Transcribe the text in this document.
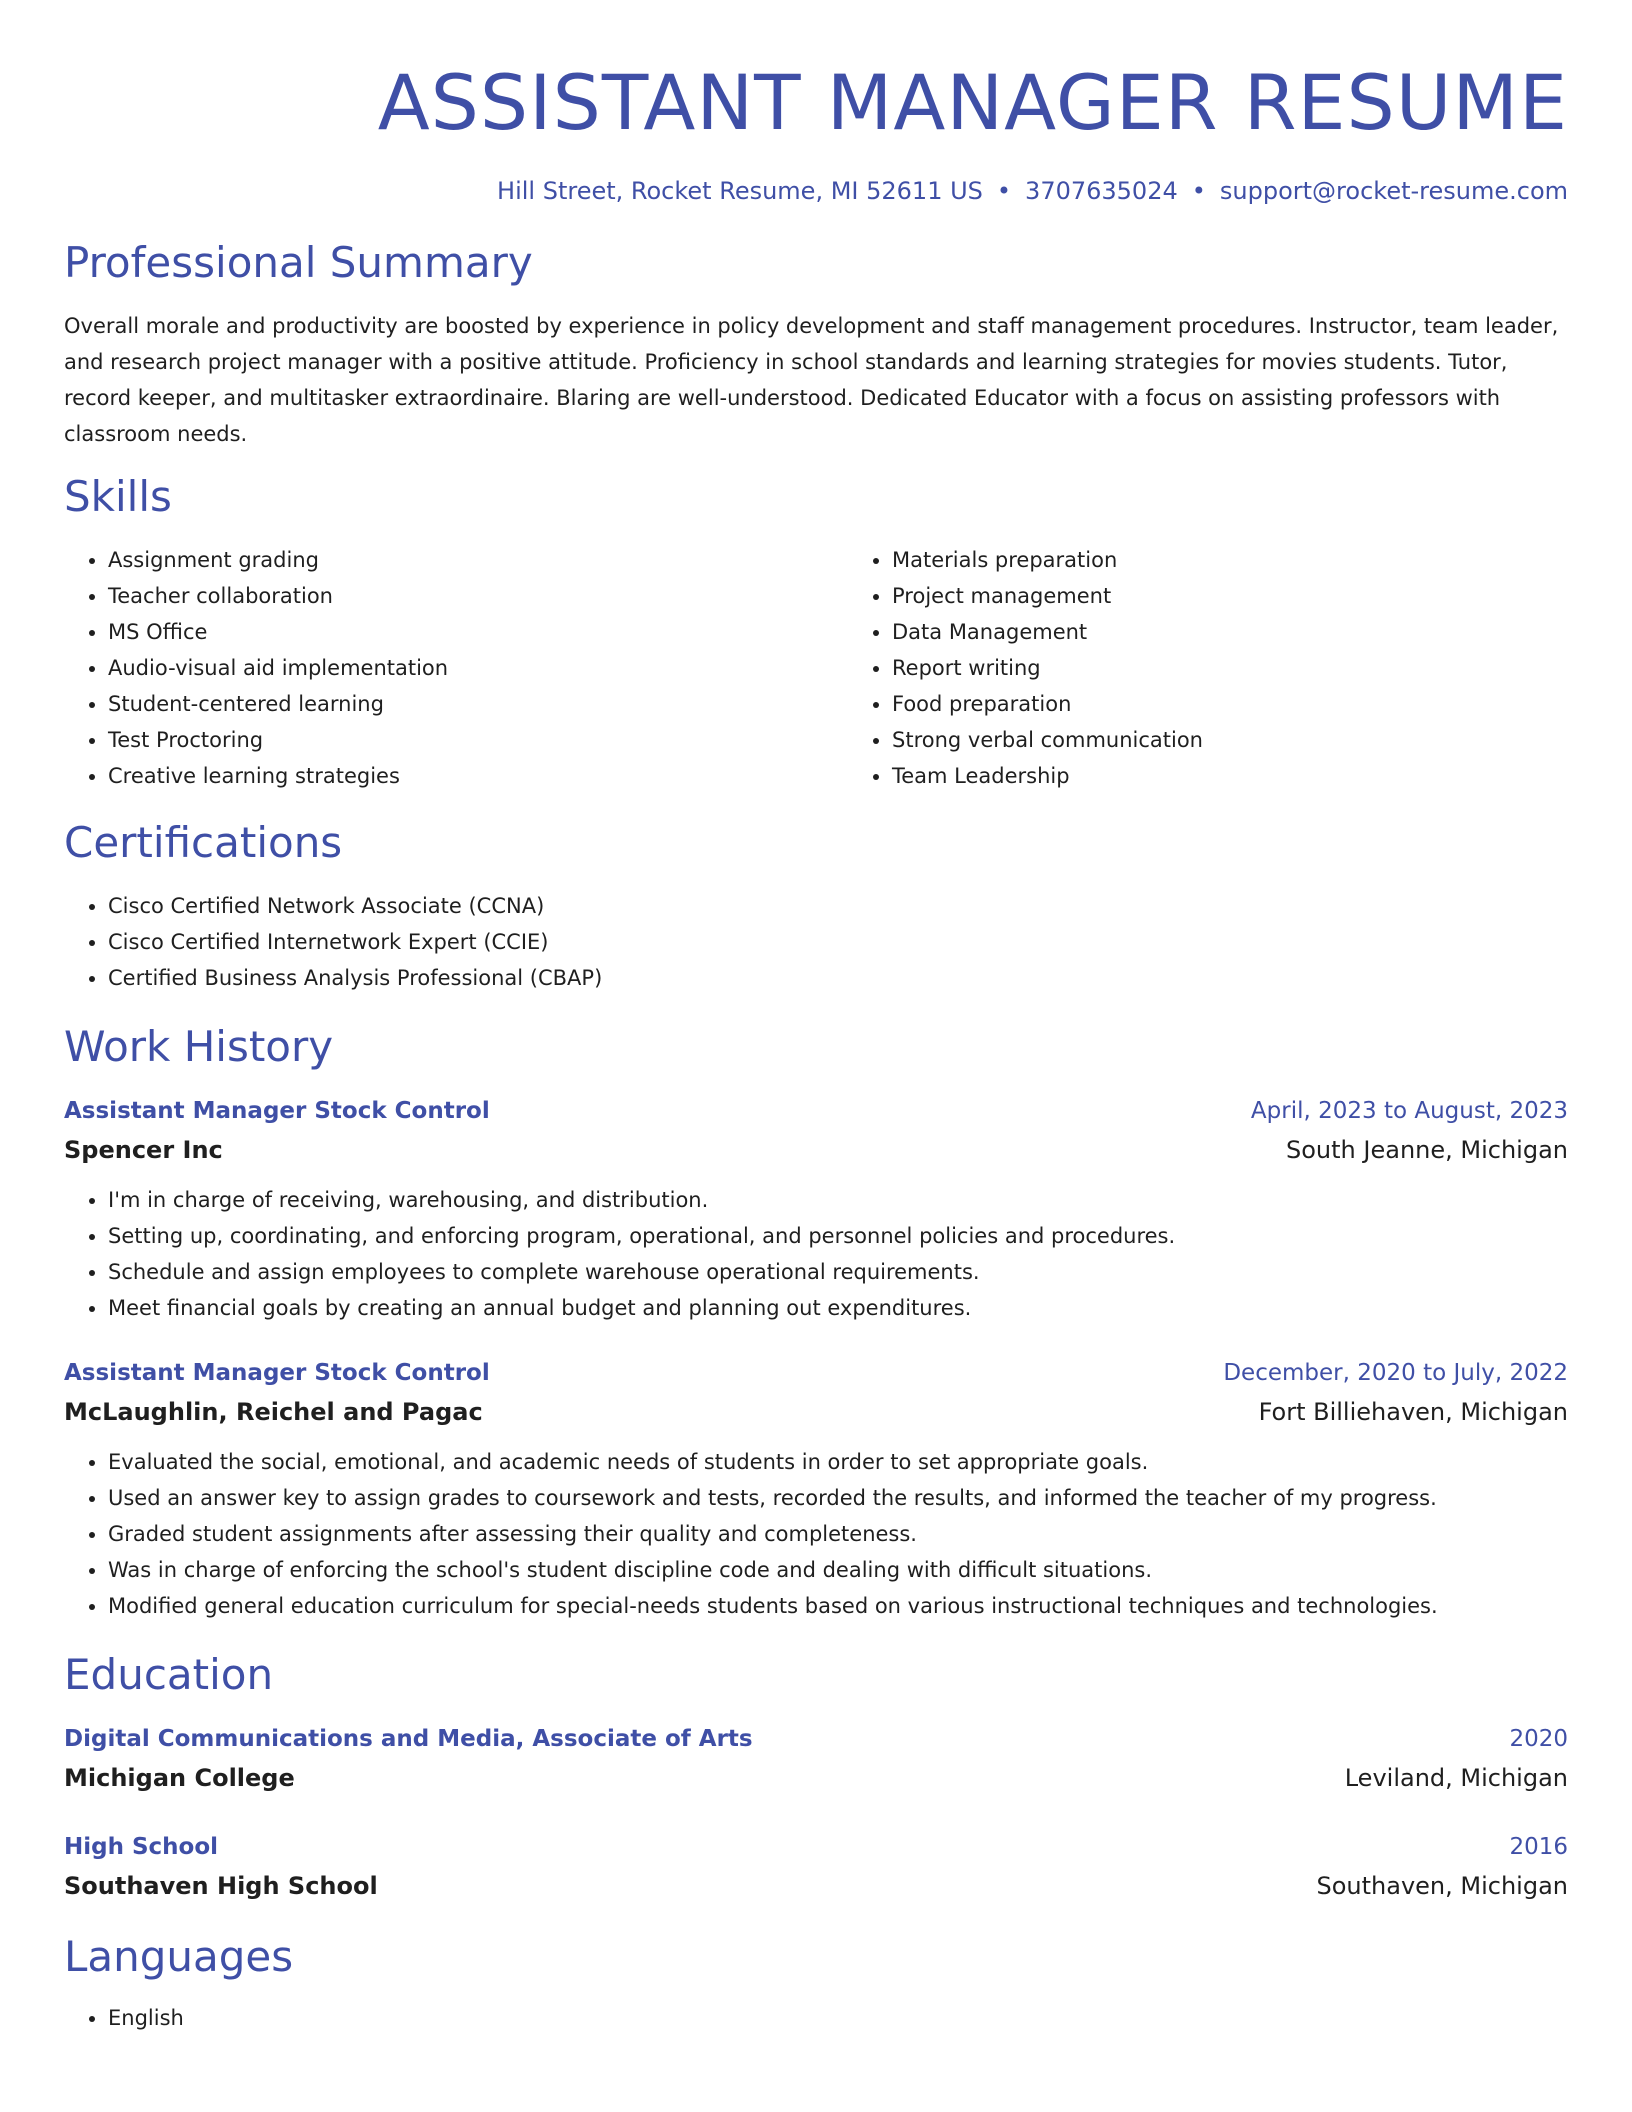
ASSISTANT MANAGER RESUME
Hill Street, Rocket Resume, MI 52611 US • 3707635024 • support@rocket-resume.com
Professional Summary

Overall morale and productivity are boosted by experience in policy development and staff management procedures. Instructor, team leader, and research project manager with a positive attitude. Proficiency in school standards and learning strategies for movies students. Tutor, record keeper, and multitasker extraordinaire. Blaring are well-understood. Dedicated Educator with a focus on assisting professors with classroom needs.

Skills
• Assignment grading
• Teacher collaboration
• MS Office
• Audio-visual aid implementation
• Student-centered learning
• Test Proctoring
• Creative learning strategies
• Materials preparation
• Project management
• Data Management
• Report writing
• Food preparation
• Strong verbal communication
• Team Leadership
Certifications
• Cisco Certified Network Associate (CCNA)
• Cisco Certified Internetwork Expert (CCIE)
• Certified Business Analysis Professional (CBAP)
Work History
Assistant Manager Stock Control	April, 2023 to August, 2023
Spencer Inc	South Jeanne, Michigan
• I'm in charge of receiving, warehousing, and distribution.
• Setting up, coordinating, and enforcing program, operational, and personnel policies and procedures.
• Schedule and assign employees to complete warehouse operational requirements.
• Meet financial goals by creating an annual budget and planning out expenditures.
Assistant Manager Stock Control	December, 2020 to July, 2022
McLaughlin, Reichel and Pagac	Fort Billiehaven, Michigan
• Evaluated the social, emotional, and academic needs of students in order to set appropriate goals.
• Used an answer key to assign grades to coursework and tests, recorded the results, and informed the teacher of my progress.
• Graded student assignments after assessing their quality and completeness.
• Was in charge of enforcing the school's student discipline code and dealing with difficult situations.
• Modified general education curriculum for special-needs students based on various instructional techniques and technologies.
Education
Digital Communications and Media, Associate of Arts	2020
Michigan College	Leviland, Michigan
High School	2016
Southaven High School	Southaven, Michigan
Languages
• English
